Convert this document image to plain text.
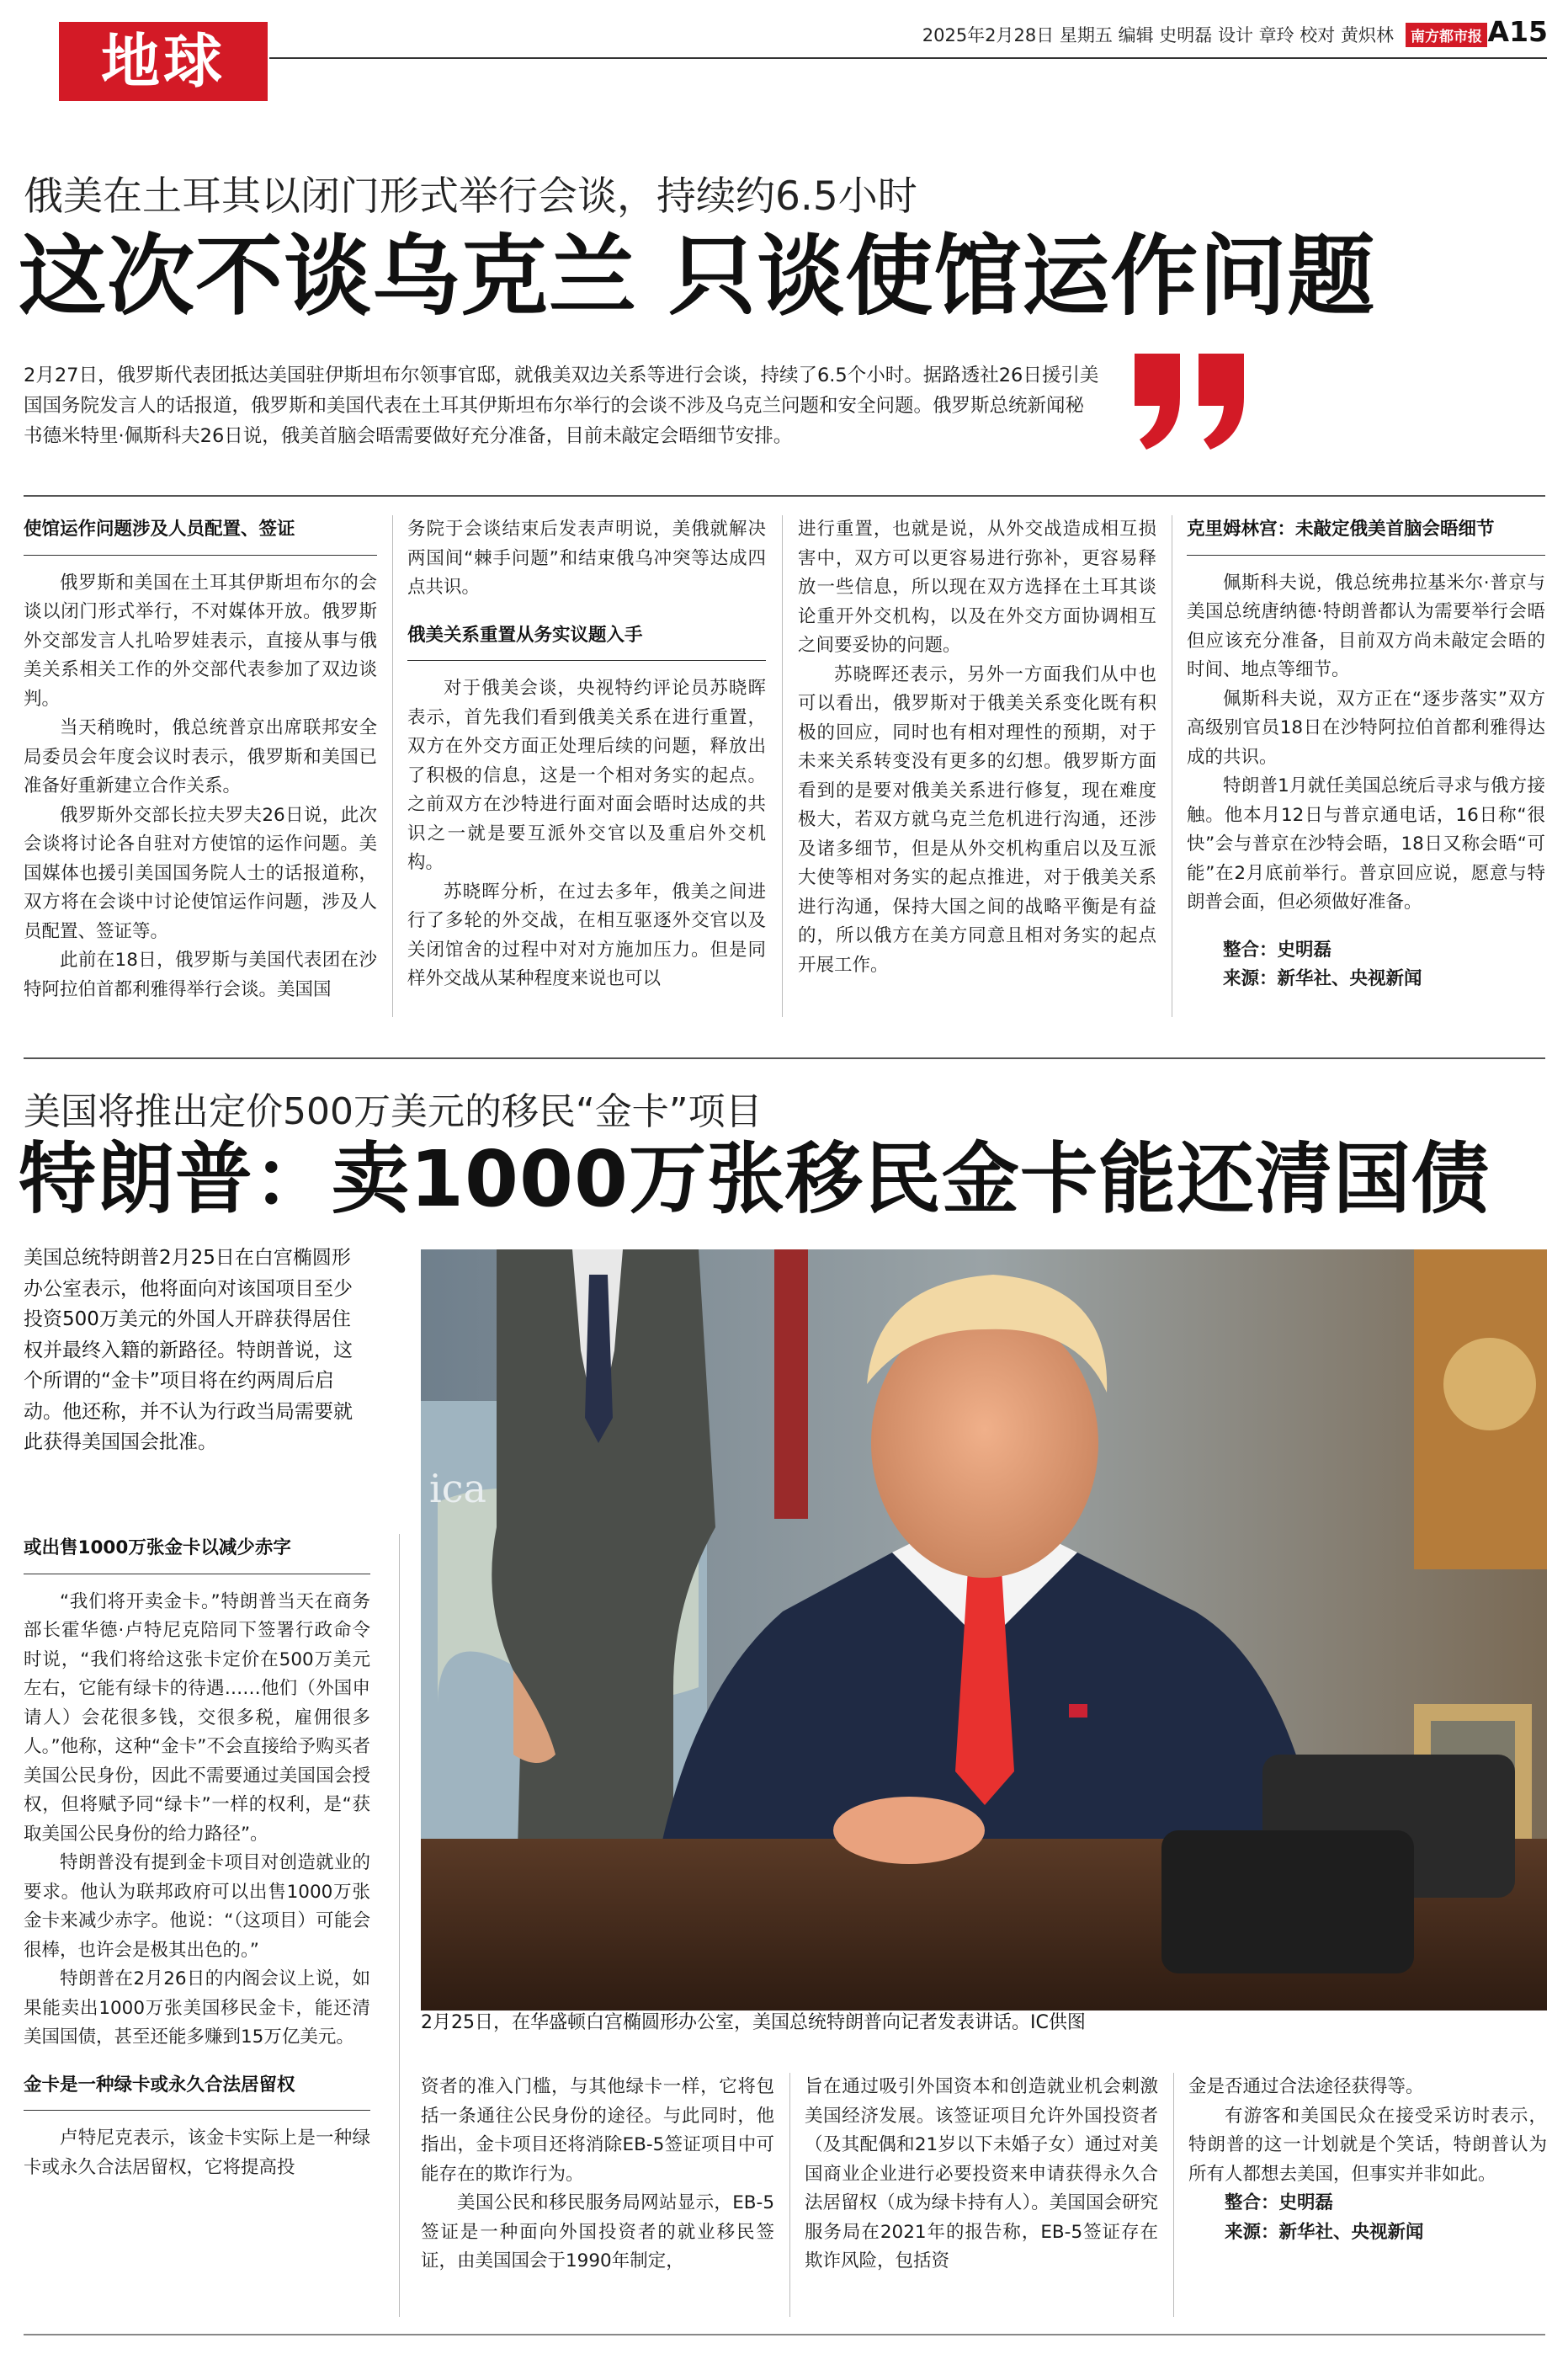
地球	2025年2月28日 星期五 编辑 史明磊 设计 章玲 校对 黄炽林	南方都市报 A15
俄美在土耳其以闭门形式举行会谈，持续约6.5小时
这次不谈乌克兰 只谈使馆运作问题
2月27日，俄罗斯代表团抵达美国驻伊斯坦布尔领事官邸，就俄美双边关系等进行会谈，持续了6.5个小时。据路透社26日援引美国国务院发言人的话报道，俄罗斯和美国代表在土耳其伊斯坦布尔举行的会谈不涉及乌克兰问题和安全问题。俄罗斯总统新闻秘书德米特里·佩斯科夫26日说，俄美首脑会晤需要做好充分准备，目前未敲定会晤细节安排。
使馆运作问题涉及人员配置、签证

俄罗斯和美国在土耳其伊斯坦布尔的会谈以闭门形式举行，不对媒体开放。俄罗斯外交部发言人扎哈罗娃表示，直接从事与俄美关系相关工作的外交部代表参加了双边谈判。

当天稍晚时，俄总统普京出席联邦安全局委员会年度会议时表示，俄罗斯和美国已准备好重新建立合作关系。

俄罗斯外交部长拉夫罗夫26日说，此次会谈将讨论各自驻对方使馆的运作问题。美国媒体也援引美国国务院人士的话报道称，双方将在会谈中讨论使馆运作问题，涉及人员配置、签证等。

此前在18日，俄罗斯与美国代表团在沙特阿拉伯首都利雅得举行会谈。美国国

务院于会谈结束后发表声明说，美俄就解决两国间“棘手问题”和结束俄乌冲突等达成四点共识。

俄美关系重置从务实议题入手

对于俄美会谈，央视特约评论员苏晓晖表示，首先我们看到俄美关系在进行重置，双方在外交方面正处理后续的问题，释放出了积极的信息，这是一个相对务实的起点。之前双方在沙特进行面对面会晤时达成的共识之一就是要互派外交官以及重启外交机构。

苏晓晖分析，在过去多年，俄美之间进行了多轮的外交战，在相互驱逐外交官以及关闭馆舍的过程中对对方施加压力。但是同样外交战从某种程度来说也可以

进行重置，也就是说，从外交战造成相互损害中，双方可以更容易进行弥补，更容易释放一些信息，所以现在双方选择在土耳其谈论重开外交机构，以及在外交方面协调相互之间要妥协的问题。

苏晓晖还表示，另外一方面我们从中也可以看出，俄罗斯对于俄美关系变化既有积极的回应，同时也有相对理性的预期，对于未来关系转变没有更多的幻想。俄罗斯方面看到的是要对俄美关系进行修复，现在难度极大，若双方就乌克兰危机进行沟通，还涉及诸多细节，但是从外交机构重启以及互派大使等相对务实的起点推进，对于俄美关系进行沟通，保持大国之间的战略平衡是有益的，所以俄方在美方同意且相对务实的起点开展工作。

克里姆林宫：未敲定俄美首脑会晤细节

佩斯科夫说，俄总统弗拉基米尔·普京与美国总统唐纳德·特朗普都认为需要举行会晤但应该充分准备，目前双方尚未敲定会晤的时间、地点等细节。

佩斯科夫说，双方正在“逐步落实”双方高级别官员18日在沙特阿拉伯首都利雅得达成的共识。

特朗普1月就任美国总统后寻求与俄方接触。他本月12日与普京通电话，16日称“很快”会与普京在沙特会晤，18日又称会晤“可能”在2月底前举行。普京回应说，愿意与特朗普会面，但必须做好准备。

整合：史明磊

来源：新华社、央视新闻

美国将推出定价500万美元的移民“金卡”项目
特朗普：卖1000万张移民金卡能还清国债
美国总统特朗普2月25日在白宫椭圆形办公室表示，他将面向对该国项目至少投资500万美元的外国人开辟获得居住权并最终入籍的新路径。特朗普说，这个所谓的“金卡”项目将在约两周后启动。他还称，并不认为行政当局需要就此获得美国国会批准。
ica
2月25日，在华盛顿白宫椭圆形办公室，美国总统特朗普向记者发表讲话。IC供图
或出售1000万张金卡以减少赤字

“我们将开卖金卡。”特朗普当天在商务部长霍华德·卢特尼克陪同下签署行政命令时说，“我们将给这张卡定价在500万美元左右，它能有绿卡的待遇……他们（外国申请人）会花很多钱，交很多税，雇佣很多人。”他称，这种“金卡”不会直接给予购买者美国公民身份，因此不需要通过美国国会授权，但将赋予同“绿卡”一样的权利，是“获取美国公民身份的给力路径”。

特朗普没有提到金卡项目对创造就业的要求。他认为联邦政府可以出售1000万张金卡来减少赤字。他说：“（这项目）可能会很棒，也许会是极其出色的。”

特朗普在2月26日的内阁会议上说，如果能卖出1000万张美国移民金卡，能还清美国国债，甚至还能多赚到15万亿美元。

金卡是一种绿卡或永久合法居留权

卢特尼克表示，该金卡实际上是一种绿卡或永久合法居留权，它将提高投

资者的准入门槛，与其他绿卡一样，它将包括一条通往公民身份的途径。与此同时，他指出，金卡项目还将消除EB-5签证项目中可能存在的欺诈行为。

美国公民和移民服务局网站显示，EB-5签证是一种面向外国投资者的就业移民签证，由美国国会于1990年制定，

旨在通过吸引外国资本和创造就业机会刺激美国经济发展。该签证项目允许外国投资者（及其配偶和21岁以下未婚子女）通过对美国商业企业进行必要投资来申请获得永久合法居留权（成为绿卡持有人）。美国国会研究服务局在2021年的报告称，EB-5签证存在欺诈风险，包括资

金是否通过合法途径获得等。

有游客和美国民众在接受采访时表示，特朗普的这一计划就是个笑话，特朗普认为所有人都想去美国，但事实并非如此。

整合：史明磊

来源：新华社、央视新闻
